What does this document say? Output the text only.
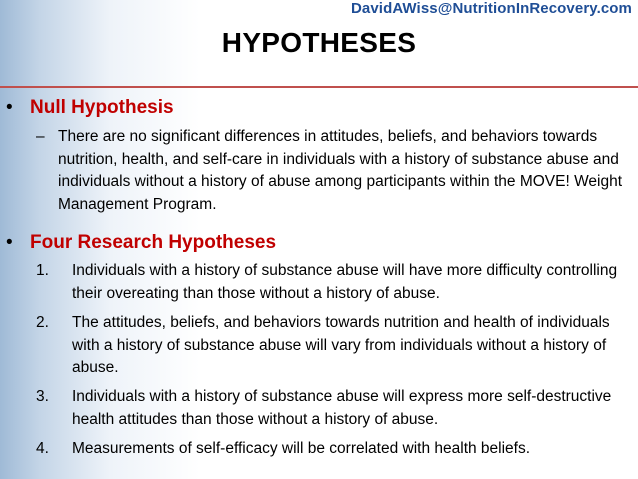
DavidAWiss@NutritionInRecovery.com
HYPOTHESES
• Null Hypothesis
– There are no significant differences in attitudes, beliefs, and behaviors towards nutrition, health, and self-care in individuals with a history of substance abuse and individuals without a history of abuse among participants within the MOVE! Weight Management Program.
• Four Research Hypotheses
1.	Individuals with a history of substance abuse will have more difficulty controlling their overeating than those without a history of abuse.
2.	The attitudes, beliefs, and behaviors towards nutrition and health of individuals with a history of substance abuse will vary from individuals without a history of abuse.
3.	Individuals with a history of substance abuse will express more self-destructive health attitudes than those without a history of abuse.
4.	Measurements of self-efficacy will be correlated with health beliefs.
